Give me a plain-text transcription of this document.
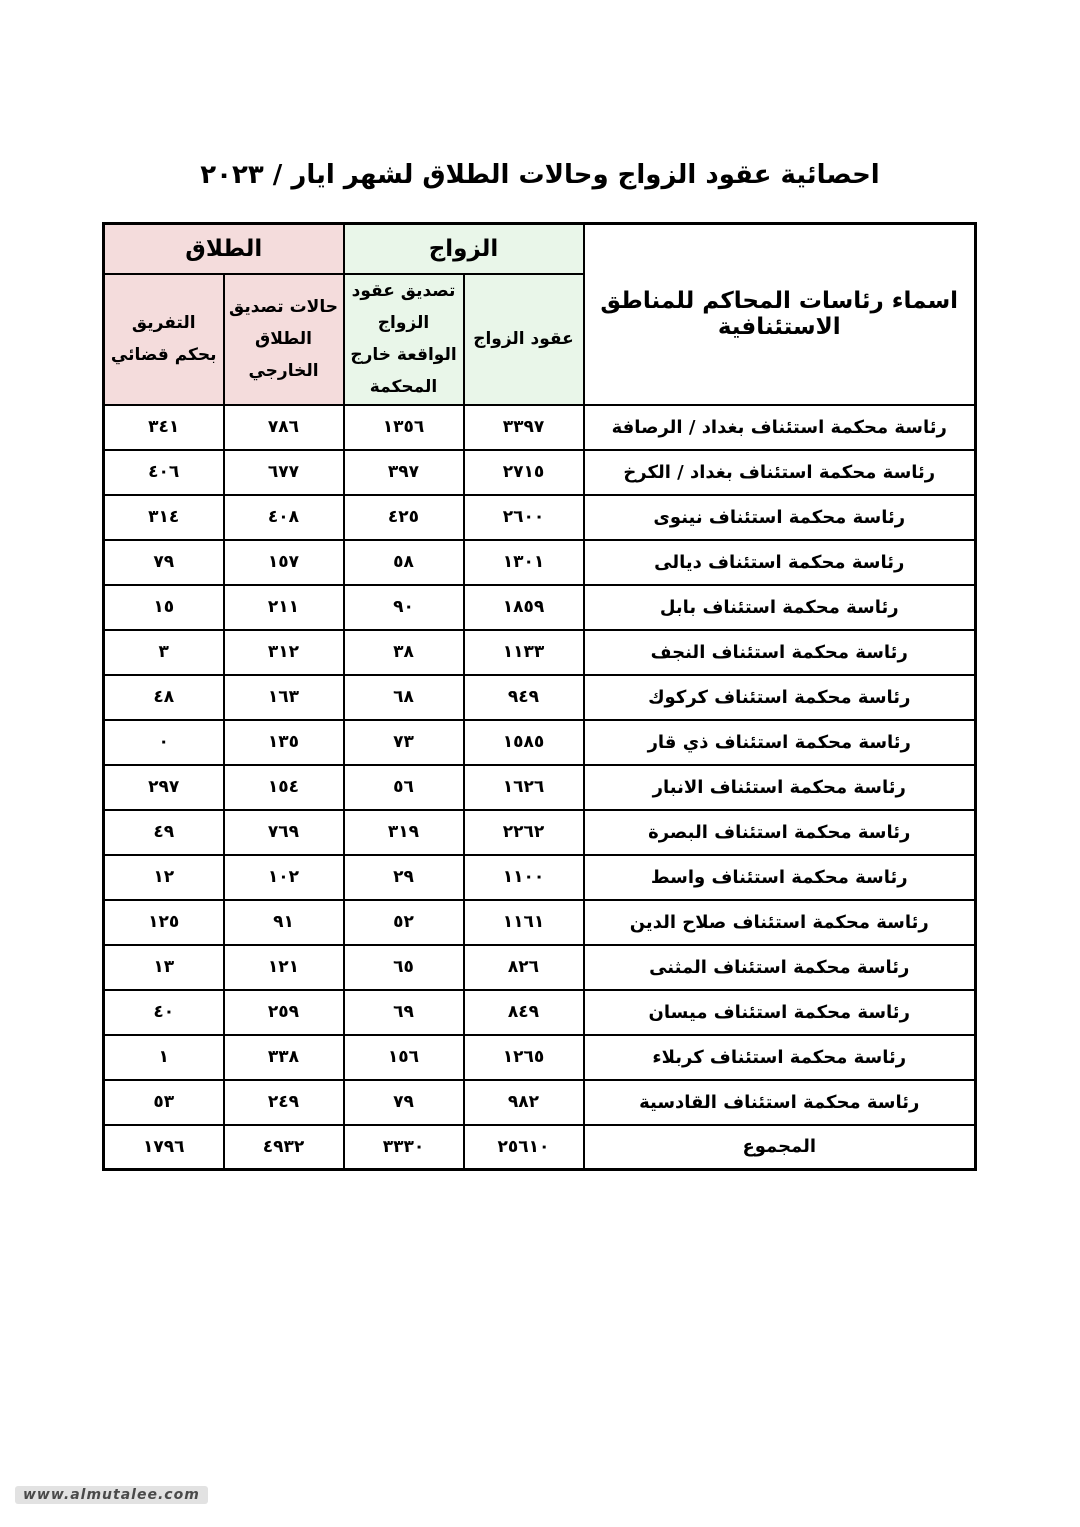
احصائية عقود الزواج وحالات الطلاق لشهر ايار / ٢٠٢٣
اسماء رئاسات المحاكم للمناطق الاستئنافية	الزواج		الطلاق	
	عقود الزواج	تصديق عقود الزواج الواقعة خارج المحكمة	حالات تصديق الطلاق الخارجي	التفريق بحكم قضائي
رئاسة محكمة استئناف بغداد / الرصافة	٣٣٩٧	١٣٥٦	٧٨٦	٣٤١
رئاسة محكمة استئناف بغداد / الكرخ	٢٧١٥	٣٩٧	٦٧٧	٤٠٦
رئاسة محكمة استئناف نينوى	٢٦٠٠	٤٢٥	٤٠٨	٣١٤
رئاسة محكمة استئناف ديالى	١٣٠١	٥٨	١٥٧	٧٩
رئاسة محكمة استئناف بابل	١٨٥٩	٩٠	٢١١	١٥
رئاسة محكمة استئناف النجف	١١٣٣	٣٨	٣١٢	٣
رئاسة محكمة استئناف كركوك	٩٤٩	٦٨	١٦٣	٤٨
رئاسة محكمة استئناف ذي قار	١٥٨٥	٧٣	١٣٥	٠
رئاسة محكمة استئناف الانبار	١٦٢٦	٥٦	١٥٤	٢٩٧
رئاسة محكمة استئناف البصرة	٢٢٦٢	٣١٩	٧٦٩	٤٩
رئاسة محكمة استئناف واسط	١١٠٠	٢٩	١٠٢	١٢
رئاسة محكمة استئناف صلاح الدين	١١٦١	٥٢	٩١	١٢٥
رئاسة محكمة استئناف المثنى	٨٢٦	٦٥	١٢١	١٣
رئاسة محكمة استئناف ميسان	٨٤٩	٦٩	٢٥٩	٤٠
رئاسة محكمة استئناف كربلاء	١٢٦٥	١٥٦	٣٣٨	١
رئاسة محكمة استئناف القادسية	٩٨٢	٧٩	٢٤٩	٥٣
المجموع	٢٥٦١٠	٣٣٣٠	٤٩٣٢	١٧٩٦
www.almutalee.com
